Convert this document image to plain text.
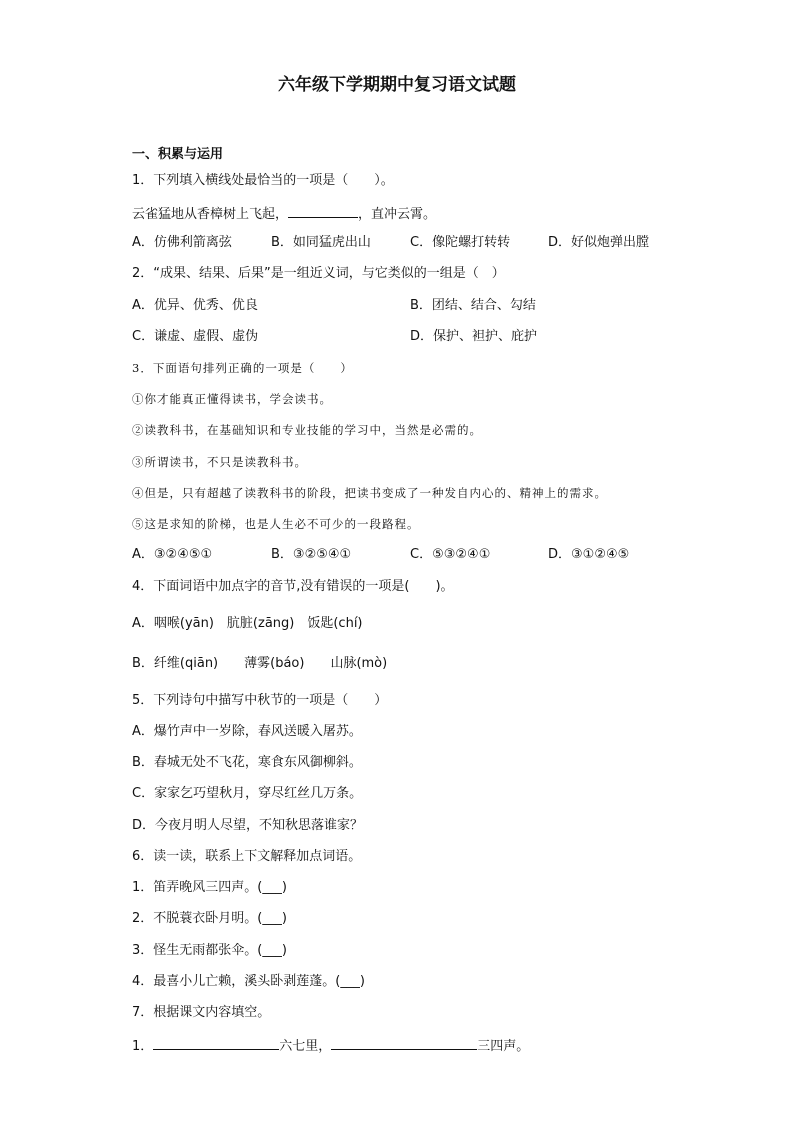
六年级下学期期中复习语文试题
一、积累与运用
1．下列填入横线处最恰当的一项是（　　）。
云雀猛地从香樟树上飞起，	，直冲云霄。
A．仿佛利箭离弦	B．如同猛虎出山	C．像陀螺打转转	D．好似炮弹出膛
2．“成果、结果、后果”是一组近义词，与它类似的一组是（　）
A．优异、优秀、优良	B．团结、结合、勾结
C．谦虚、虚假、虚伪	D．保护、袒护、庇护
3．下面语句排列正确的一项是（　　）
①你才能真正懂得读书，学会读书。
②读教科书，在基础知识和专业技能的学习中，当然是必需的。
③所谓读书，不只是读教科书。
④但是，只有超越了读教科书的阶段，把读书变成了一种发自内心的、精神上的需求。
⑤这是求知的阶梯，也是人生必不可少的一段路程。
A．③②④⑤①	B．③②⑤④①	C．⑤③②④①	D．③①②④⑤
4．下面词语中加点字的音节,没有错误的一项是(　　)。
A．咽喉(yān)　肮脏(zāng)　饭匙(chí)
B．纤维(qiān)　　薄雾(báo)　　山脉(mò)
5．下列诗句中描写中秋节的一项是（　　）
A．爆竹声中一岁除，春风送暖入屠苏。
B．春城无处不飞花，寒食东风御柳斜。
C．家家乞巧望秋月，穿尽红丝几万条。
D．今夜月明人尽望，不知秋思落谁家？
6．读一读，联系上下文解释加点词语。
1．笛弄晚风三四声。(___)
2．不脱蓑衣卧月明。(___)
3．怪生无雨都张伞。(___)
4．最喜小儿亡赖，溪头卧剥莲蓬。(___)
7．根据课文内容填空。
1．	六七里，	三四声。
